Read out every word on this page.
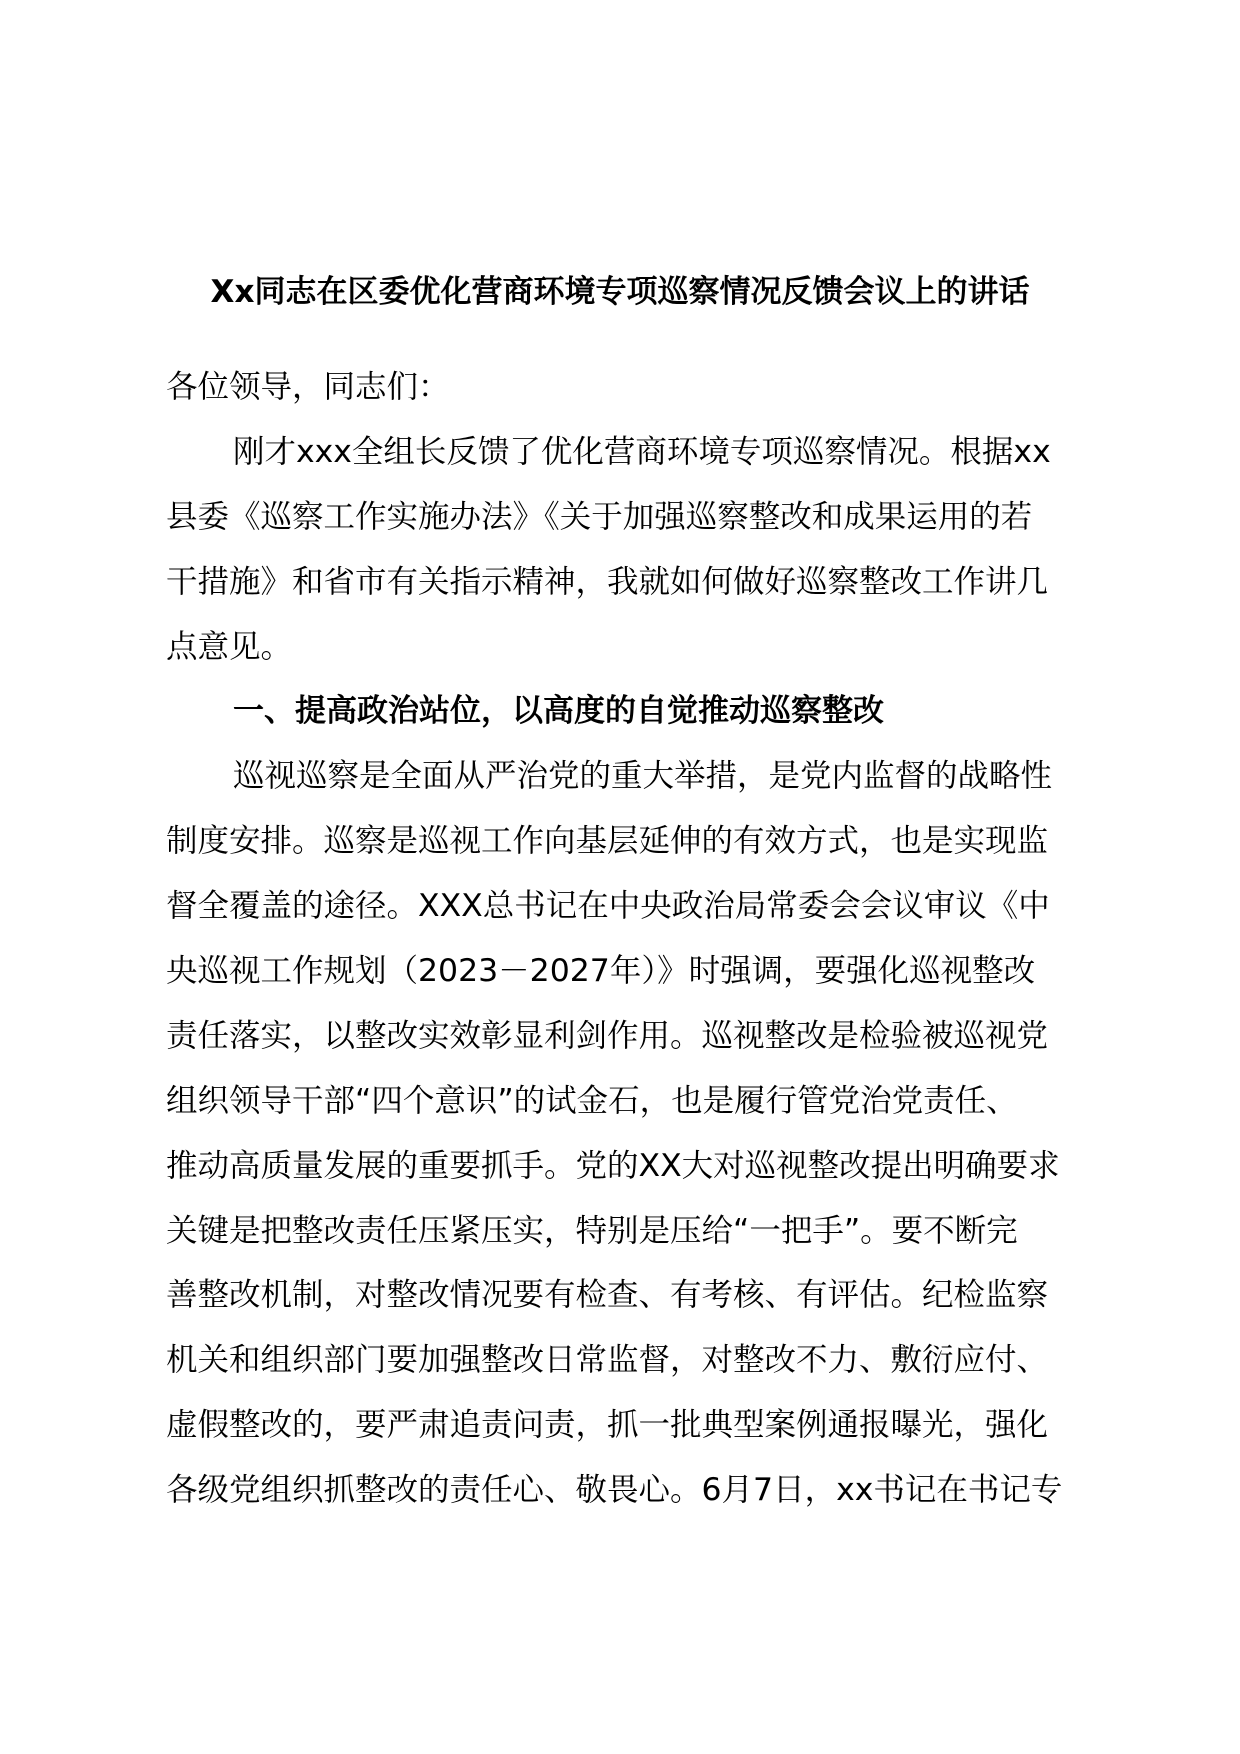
Xx同志在区委优化营商环境专项巡察情况反馈会议上的讲话
各位领导，同志们：
刚才xxx全组长反馈了优化营商环境专项巡察情况。根据xx
县委《巡察工作实施办法》《关于加强巡察整改和成果运用的若
干措施》和省市有关指示精神，我就如何做好巡察整改工作讲几
点意见。
一、提高政治站位，以高度的自觉推动巡察整改
巡视巡察是全面从严治党的重大举措，是党内监督的战略性
制度安排。巡察是巡视工作向基层延伸的有效方式，也是实现监
督全覆盖的途径。XXX总书记在中央政治局常委会会议审议《中
央巡视工作规划（2023－2027年）》时强调，要强化巡视整改
责任落实，以整改实效彰显利剑作用。巡视整改是检验被巡视党
组织领导干部“四个意识”的试金石，也是履行管党治党责任、
推动高质量发展的重要抓手。党的XX大对巡视整改提出明确要求
关键是把整改责任压紧压实，特别是压给“一把手”。要不断完
善整改机制，对整改情况要有检查、有考核、有评估。纪检监察
机关和组织部门要加强整改日常监督，对整改不力、敷衍应付、
虚假整改的，要严肃追责问责，抓一批典型案例通报曝光，强化
各级党组织抓整改的责任心、敬畏心。6月7日，xx书记在书记专
